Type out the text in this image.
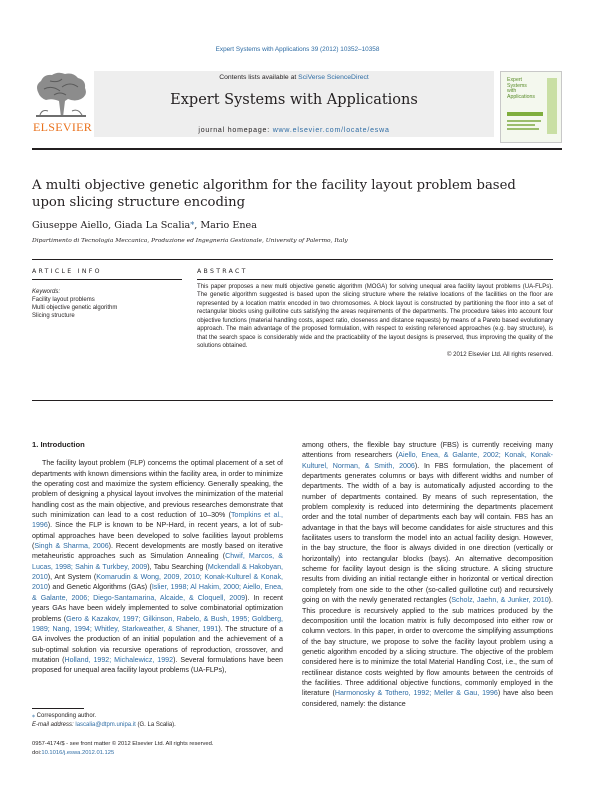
Expert Systems with Applications 39 (2012) 10352–10358
ELSEVIER
Contents lists available at SciVerse ScienceDirect
Expert Systems with Applications
journal homepage: www.elsevier.com/locate/eswa
Expert Systems with Applications
A multi objective genetic algorithm for the facility layout problem based upon slicing structure encoding
Giuseppe Aiello, Giada La Scalia⁎, Mario Enea
Dipartimento di Tecnologia Meccanica, Produzione ed Ingegneria Gestionale, University of Palermo, Italy
ARTICLE INFO	ABSTRACT
Keywords:
Facility layout problems
Multi objective genetic algorithm
Slicing structure
This paper proposes a new multi objective genetic algorithm (MOGA) for solving unequal area facility layout problems (UA-FLPs). The genetic algorithm suggested is based upon the slicing structure where the relative locations of the facilities on the floor are represented by a location matrix encoded in two chromosomes. A block layout is constructed by partitioning the floor into a set of rectangular blocks using guillotine cuts satisfying the areas requirements of the departments. The procedure takes into account four objective functions (material handling costs, aspect ratio, closeness and distance requests) by means of a Pareto based evolutionary approach. The main advantage of the proposed formulation, with respect to existing referenced approaches (e.g. bay structure), is that the search space is considerably wide and the practicability of the layout designs is preserved, thus improving the quality of the solutions obtained.
© 2012 Elsevier Ltd. All rights reserved.
1. Introduction

The facility layout problem (FLP) concerns the optimal placement of a set of departments with known dimensions within the facility area, in order to minimize the operating cost and maximize the system efficiency. Generally speaking, the problem of designing a physical layout involves the minimization of the material handling cost as the main objective, and previous researches demonstrate that such minimization can lead to a cost reduction of 10–30% (Tompkins et al., 1996). Since the FLP is known to be NP-Hard, in recent years, a lot of sub-optimal approaches have been developed to solve facilities layout problems (Singh & Sharma, 2006). Recent developments are mostly based on iterative metaheuristic approaches such as Simulation Annealing (Chwif, Marcos, & Lucas, 1998; Sahin & Turkbey, 2009), Tabu Searching (Mckendall & Hakobyan, 2010), Ant System (Komarudin & Wong, 2009, 2010; Konak-Kulturel & Konak, 2010) and Genetic Algorithms (GAs) (Islier, 1998; Al Hakim, 2000; Aiello, Enea, & Galante, 2006; Diego-Santamarina, Alcaide, & Cloquell, 2009). In recent years GAs have been widely implemented to solve combinatorial optimization problems (Gero & Kazakov, 1997; Gilkinson, Rabelo, & Bush, 1995; Goldberg, 1989; Nang, 1994; Whitley, Starkweather, & Shaner, 1991). The structure of a GA involves the production of an initial population and the achievement of a sub-optimal solution via recursive operations of reproduction, crossover, and mutation (Holland, 1992; Michalewicz, 1992). Several formulations have been proposed for unequal area facility layout problems (UA-FLPs),

among others, the flexible bay structure (FBS) is currently receiving many attentions from researchers (Aiello, Enea, & Galante, 2002; Konak, Konak-Kulturel, Norman, & Smith, 2006). In FBS formulation, the placement of departments generates columns or bays with different widths and number of departments. The width of a bay is automatically adjusted according to the number of departments contained. By means of such representation, the problem complexity is reduced into determining the departments placement order and the total number of departments each bay will contain. FBS has an advantage in that the bays will become candidates for aisle structures and this facilitates users to transform the model into an actual facility design. However, in the bay structure, the floor is always divided in one direction (vertically or horizontally) into rectangular blocks (bays). An alternative decomposition scheme for facility layout design is the slicing structure. A slicing structure results from dividing an initial rectangle either in horizontal or vertical direction completely from one side to the other (so-called guillotine cut) and recursively going on with the newly generated rectangles (Scholz, Jaehn, & Junker, 2010). This procedure is recursively applied to the sub matrices produced by the decomposition until the location matrix is fully decomposed into either row or column vectors. In this paper, in order to overcome the simplifying assumptions of the bay structure, we propose to solve the facility layout problem using a genetic algorithm encoded by a slicing structure. The objective of the problem considered here is to minimize the total Material Handling Cost, i.e., the sum of rectilinear distance costs weighted by flow amounts between the centroids of the facilities. Three additional objective functions, commonly employed in the literature (Harmonosky & Tothero, 1992; Meller & Gau, 1996) have also been considered, namely: the distance

⁎ Corresponding author.
E-mail address: lascalia@dtpm.unipa.it (G. La Scalia).
0957-4174/$ - see front matter © 2012 Elsevier Ltd. All rights reserved.
doi:10.1016/j.eswa.2012.01.125
